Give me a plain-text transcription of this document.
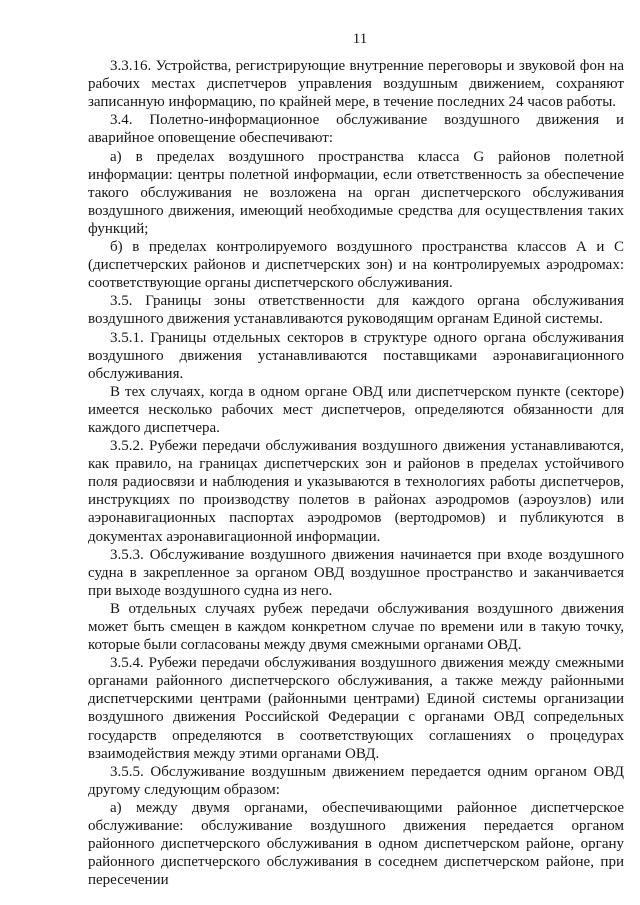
11

3.3.16. Устройства, регистрирующие внутренние переговоры и звуковой фон на рабочих местах диспетчеров управления воздушным движением, сохраняют записанную информацию, по крайней мере, в течение последних 24 часов работы.

3.4. Полетно-информационное обслуживание воздушного движения и аварийное оповещение обеспечивают:

а) в пределах воздушного пространства класса G районов полетной информации: центры полетной информации, если ответственность за обеспечение такого обслуживания не возложена на орган диспетчерского обслуживания воздушного движения, имеющий необходимые средства для осуществления таких функций;

б) в пределах контролируемого воздушного пространства классов А и С (диспетчерских районов и диспетчерских зон) и на контролируемых аэродромах: соответствующие органы диспетчерского обслуживания.

3.5. Границы зоны ответственности для каждого органа обслуживания воздушного движения устанавливаются руководящим органам Единой системы.

3.5.1. Границы отдельных секторов в структуре одного органа обслуживания воздушного движения устанавливаются поставщиками аэронавигационного обслуживания.

В тех случаях, когда в одном органе ОВД или диспетчерском пункте (секторе) имеется несколько рабочих мест диспетчеров, определяются обязанности для каждого диспетчера.

3.5.2. Рубежи передачи обслуживания воздушного движения устанавливаются, как правило, на границах диспетчерских зон и районов в пределах устойчивого поля радиосвязи и наблюдения и указываются в технологиях работы диспетчеров, инструкциях по производству полетов в районах аэродромов (аэроузлов) или аэронавигационных паспортах аэродромов (вертодромов) и публикуются в документах аэронавигационной информации.

3.5.3. Обслуживание воздушного движения начинается при входе воздушного судна в закрепленное за органом ОВД воздушное пространство и заканчивается при выходе воздушного судна из него.

В отдельных случаях рубеж передачи обслуживания воздушного движения может быть смещен в каждом конкретном случае по времени или в такую точку, которые были согласованы между двумя смежными органами ОВД.

3.5.4. Рубежи передачи обслуживания воздушного движения между смежными органами районного диспетчерского обслуживания, а также между районными диспетчерскими центрами (районными центрами) Единой системы организации воздушного движения Российской Федерации с органами ОВД сопредельных государств определяются в соответствующих соглашениях о процедурах взаимодействия между этими органами ОВД.

3.5.5. Обслуживание воздушным движением передается одним органом ОВД другому следующим образом:

а) между двумя органами, обеспечивающими районное диспетчерское обслуживание: обслуживание воздушного движения передается органом районного диспетчерского обслуживания в одном диспетчерском районе, органу районного диспетчерского обслуживания в соседнем диспетчерском районе, при пересечении
